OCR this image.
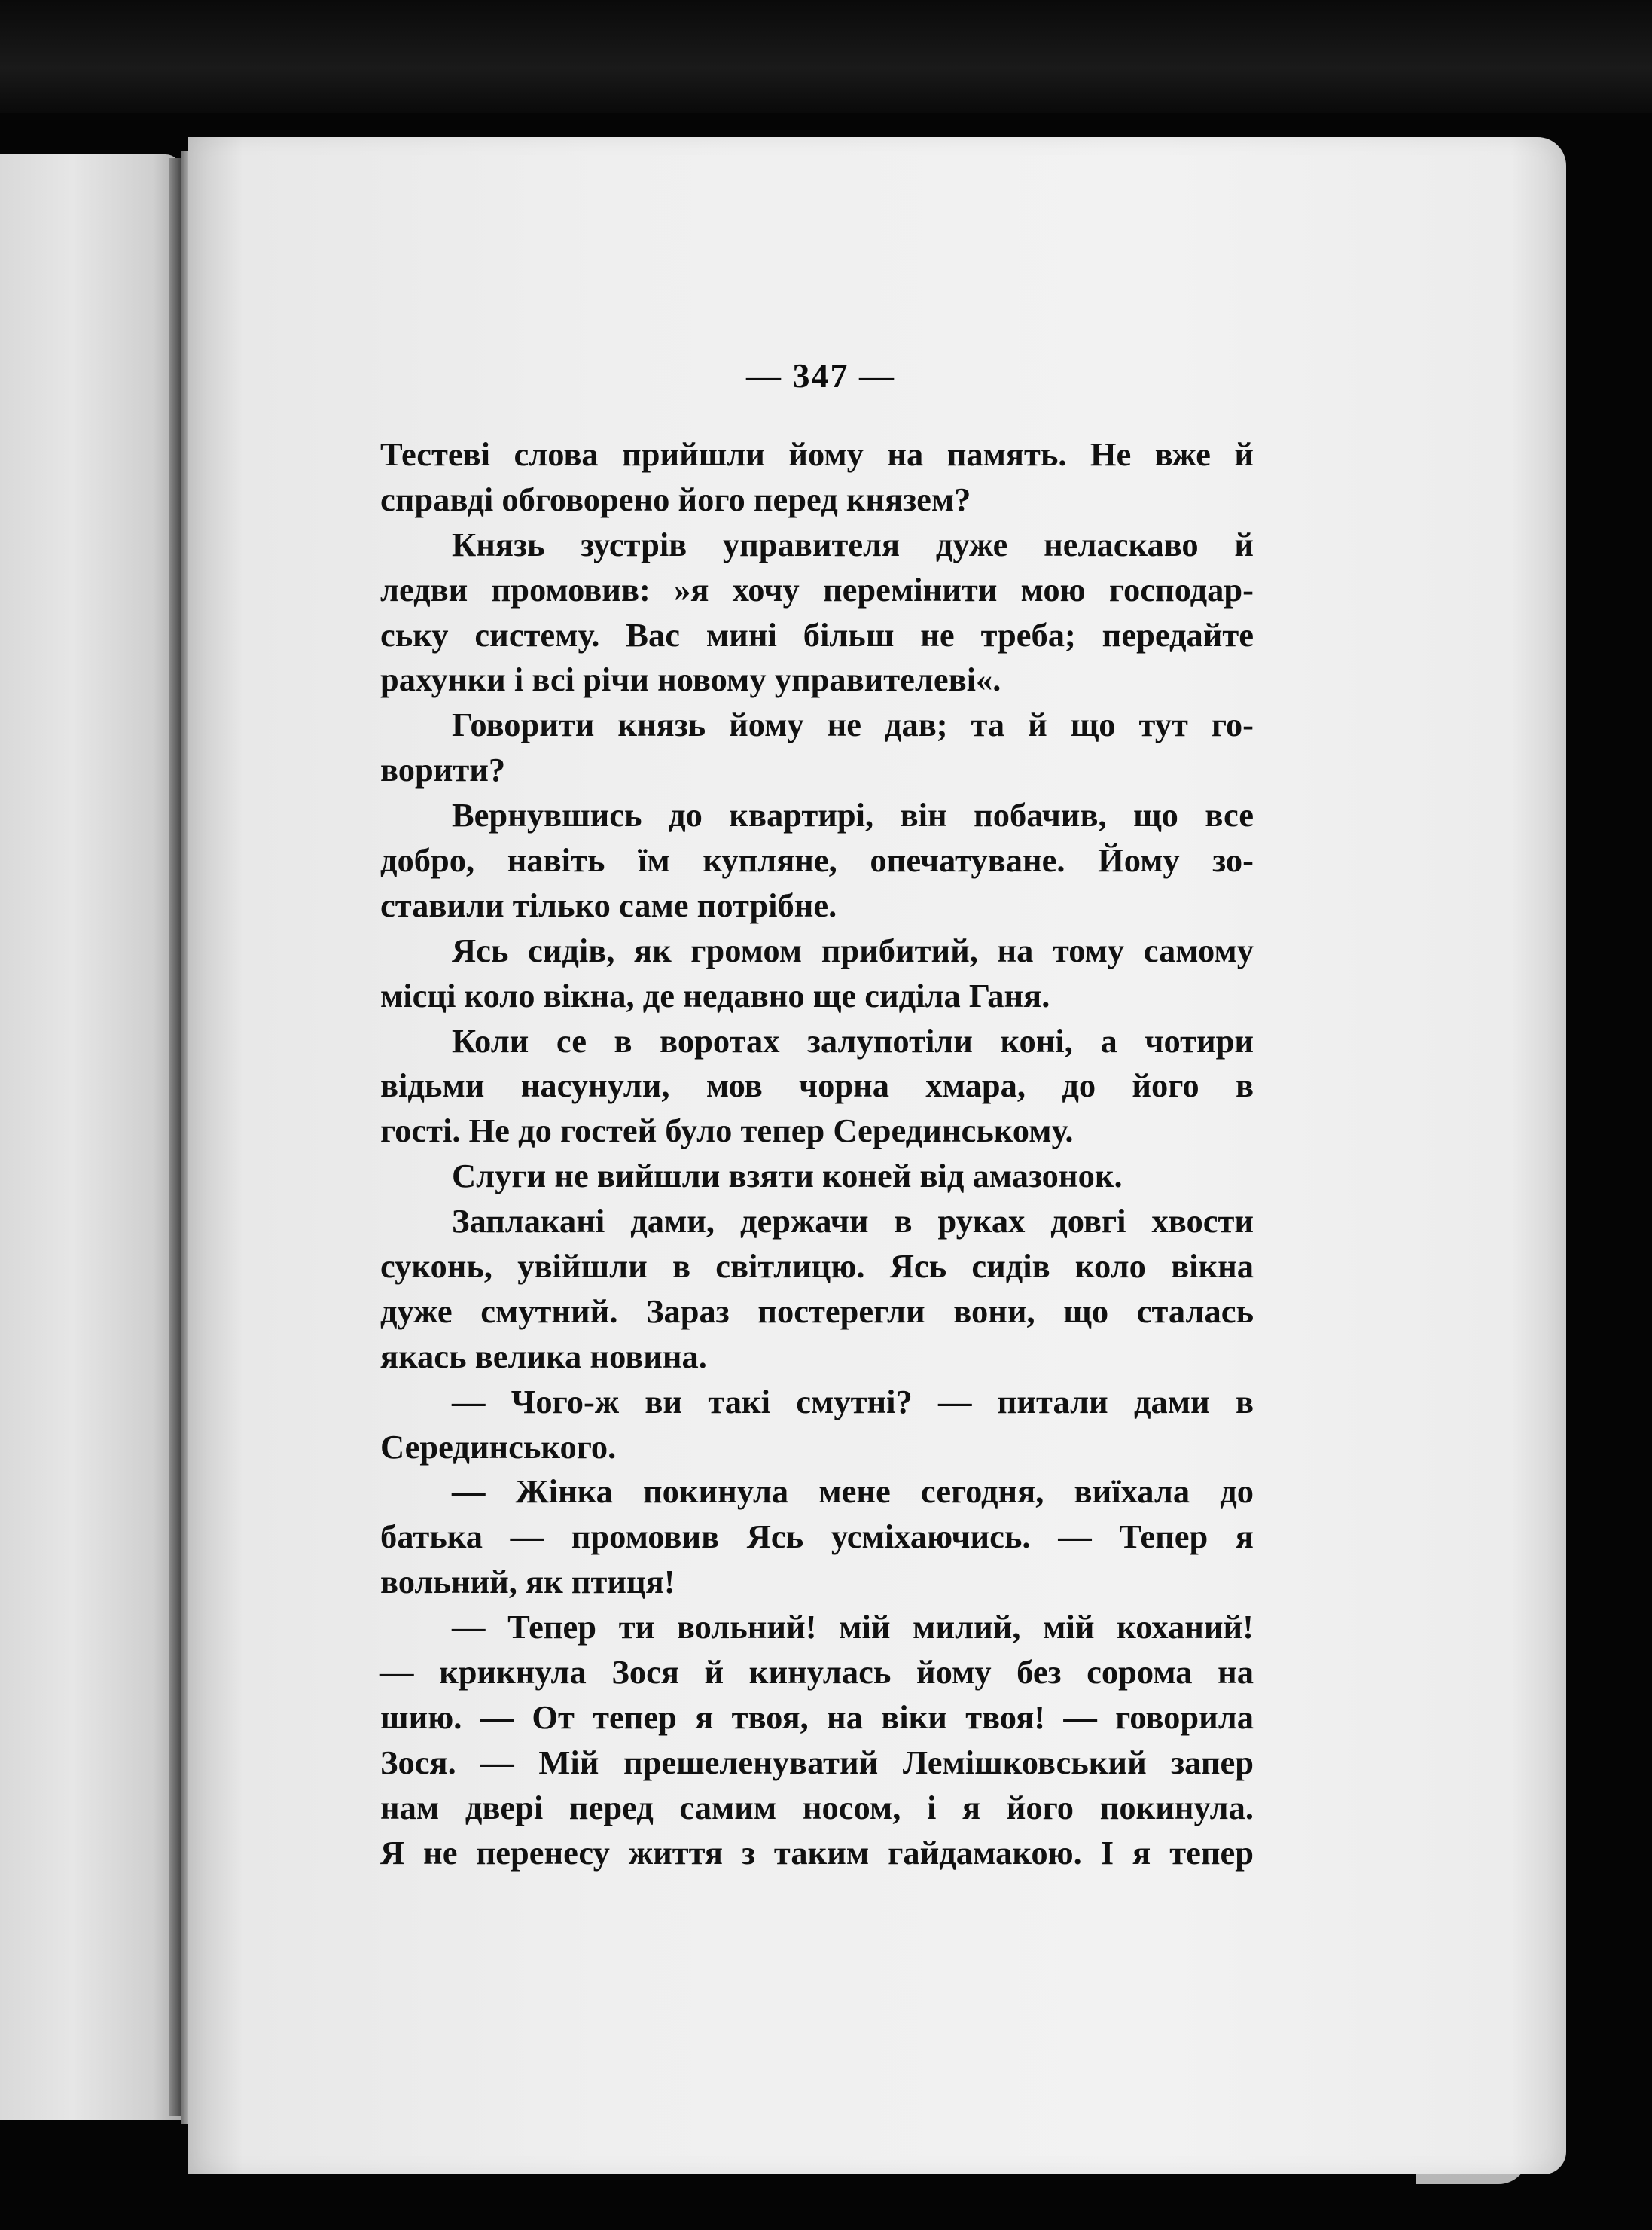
— 347 —
Тестеві слова прийшли йому на память. Не вже й
справді обговорено його перед князем?
Князь зустрів управителя дуже неласкаво й
ледви промовив: »я хочу перемінити мою господар-
ську систему. Вас мині більш не треба; передайте
рахунки і всі річи новому управителеві«.
Говорити князь йому не дав; та й що тут го-
ворити?
Вернувшись до квартирі, він побачив, що все
добро, навіть їм купляне, опечатуване. Йому зо-
ставили тілько саме потрібне.
Ясь сидів, як громом прибитий, на тому самому
місці коло вікна, де недавно ще сиділа Ганя.
Коли се в воротах залупотіли коні, а чотири
відьми насунули, мов чорна хмара, до його в
гості. Не до гостей було тепер Серединському.
Слуги не вийшли взяти коней від амазонок.
Заплакані дами, держачи в руках довгі хвости
суконь, увійшли в світлицю. Ясь сидів коло вікна
дуже смутний. Зараз постерегли вони, що сталась
якась велика новина.
— Чого-ж ви такі смутні? — питали дами в
Серединського.
— Жінка покинула мене сегодня, виїхала до
батька — промовив Ясь усміхаючись. — Тепер я
вольний, як птиця!
— Тепер ти вольний! мій милий, мій коханий!
— крикнула Зося й кинулась йому без сорома на
шию. — От тепер я твоя, на віки твоя! — говорила
Зося. — Мій прешеленуватий Лемішковський запер
нам двері перед самим носом, і я його покинула.
Я не перенесу життя з таким гайдамакою. І я тепер
